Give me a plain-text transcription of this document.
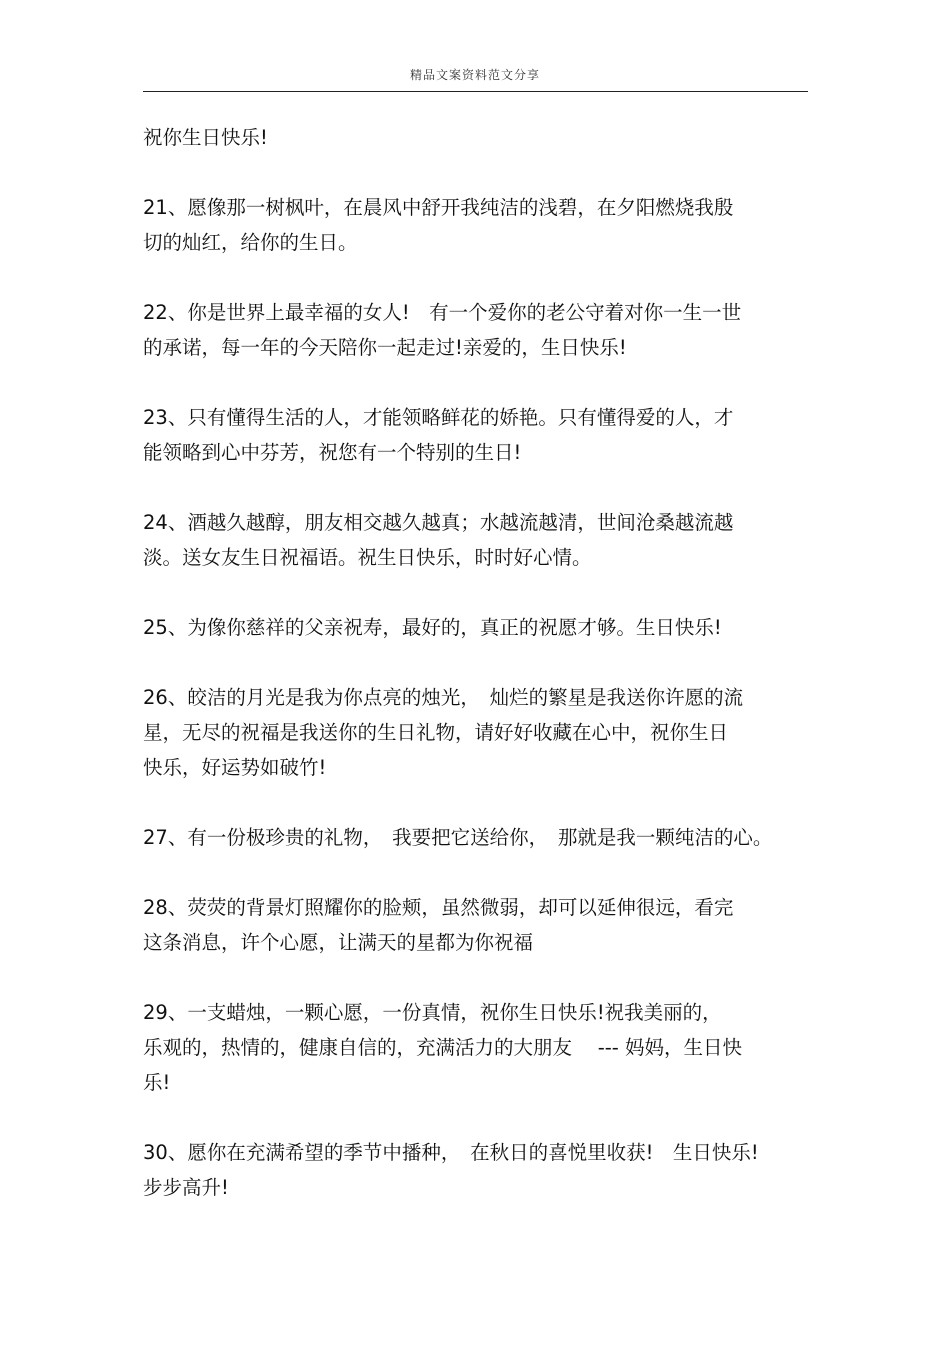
精品文案资料范文分享

祝你生日快乐!

21、愿像那一树枫叶，在晨风中舒开我纯洁的浅碧，在夕阳燃烧我殷
切的灿红，给你的生日。

22、你是世界上最幸福的女人!　有一个爱你的老公守着对你一生一世
的承诺，每一年的今天陪你一起走过!亲爱的，生日快乐!

23、只有懂得生活的人，才能领略鲜花的娇艳。只有懂得爱的人，才
能领略到心中芬芳，祝您有一个特别的生日!

24、酒越久越醇，朋友相交越久越真；水越流越清，世间沧桑越流越
淡。送女友生日祝福语。祝生日快乐，时时好心情。

25、为像你慈祥的父亲祝寿，最好的，真正的祝愿才够。生日快乐!

26、皎洁的月光是我为你点亮的烛光，　灿烂的繁星是我送你许愿的流
星，无尽的祝福是我送你的生日礼物，请好好收藏在心中，祝你生日
快乐，好运势如破竹!

27、有一份极珍贵的礼物，　我要把它送给你，　那就是我一颗纯洁的心。

28、荧荧的背景灯照耀你的脸颊，虽然微弱，却可以延伸很远，看完
这条消息，许个心愿，让满天的星都为你祝福

29、一支蜡烛，一颗心愿，一份真情，祝你生日快乐!祝我美丽的，
乐观的，热情的，健康自信的，充满活力的大朋友　 --- 妈妈，生日快
乐!

30、愿你在充满希望的季节中播种，　在秋日的喜悦里收获!　生日快乐!
步步高升!
